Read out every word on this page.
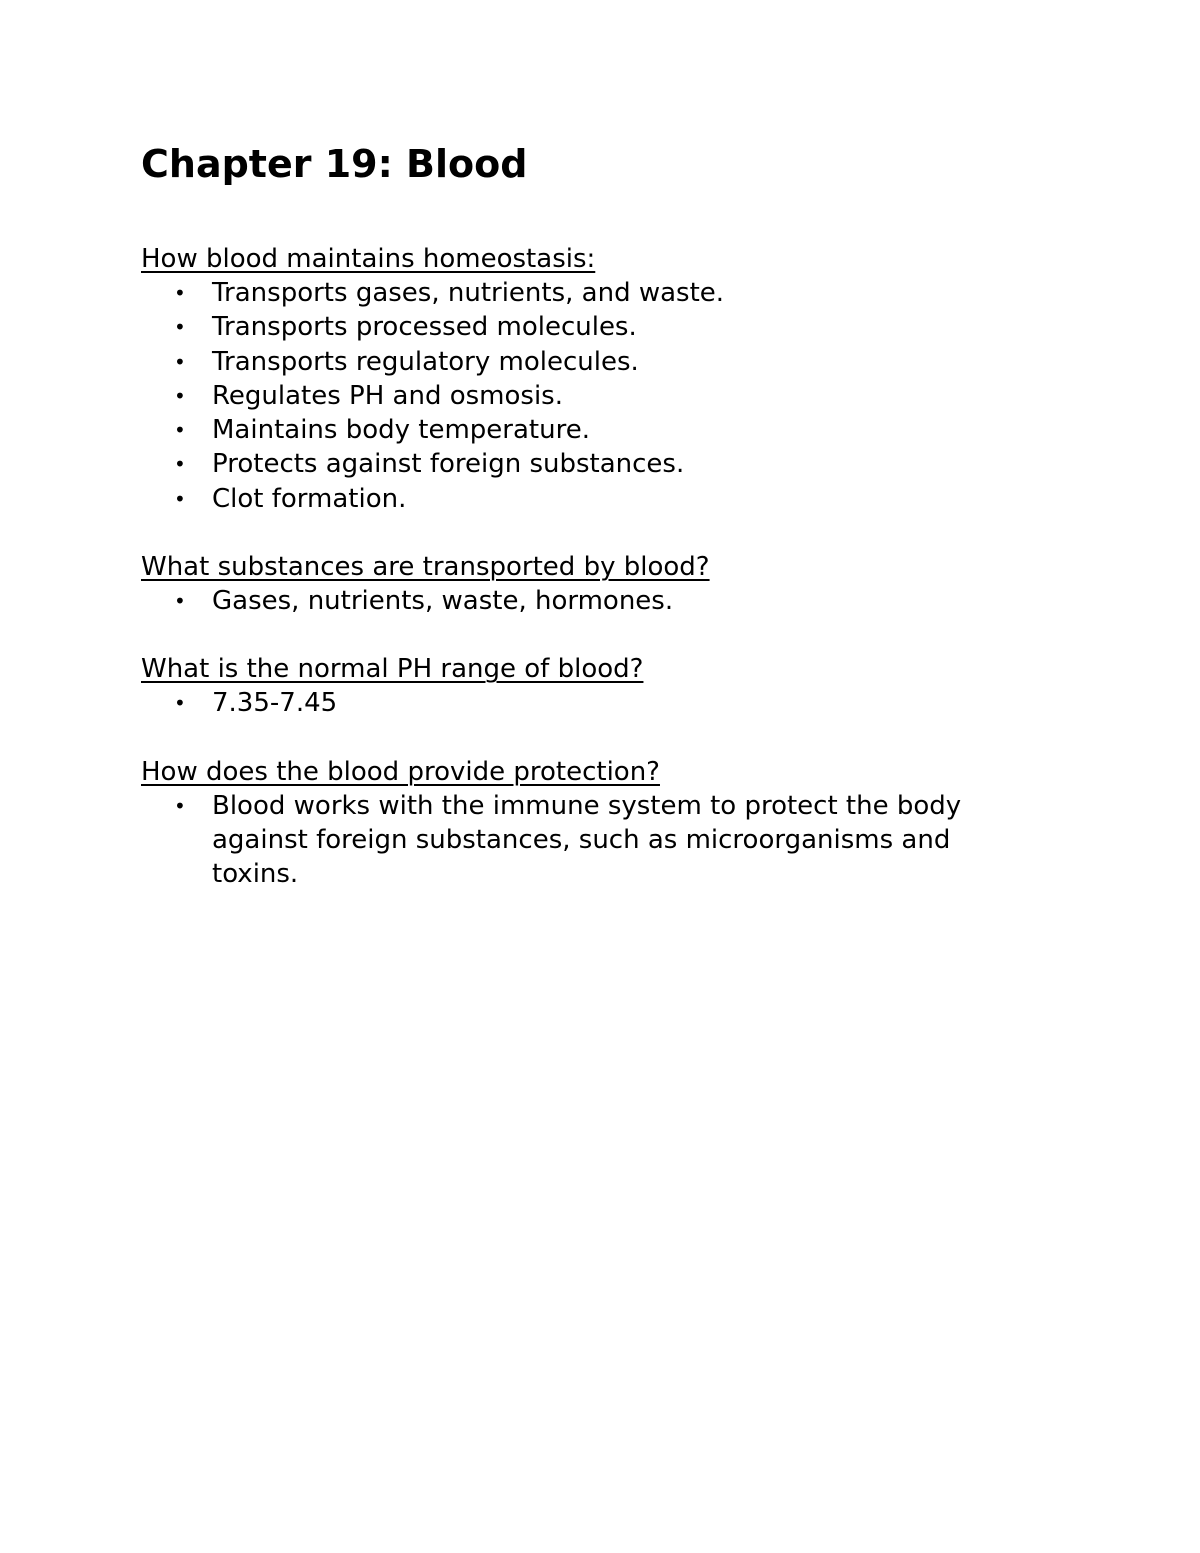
Chapter 19: Blood

How blood maintains homeostasis:

• Transports gases, nutrients, and waste.
• Transports processed molecules.
• Transports regulatory molecules.
• Regulates PH and osmosis.
• Maintains body temperature.
• Protects against foreign substances.
• Clot formation.

What substances are transported by blood?

• Gases, nutrients, waste, hormones.

What is the normal PH range of blood?

• 7.35-7.45

How does the blood provide protection?

• Blood works with the immune system to protect the body against foreign substances, such as microorganisms and toxins.
